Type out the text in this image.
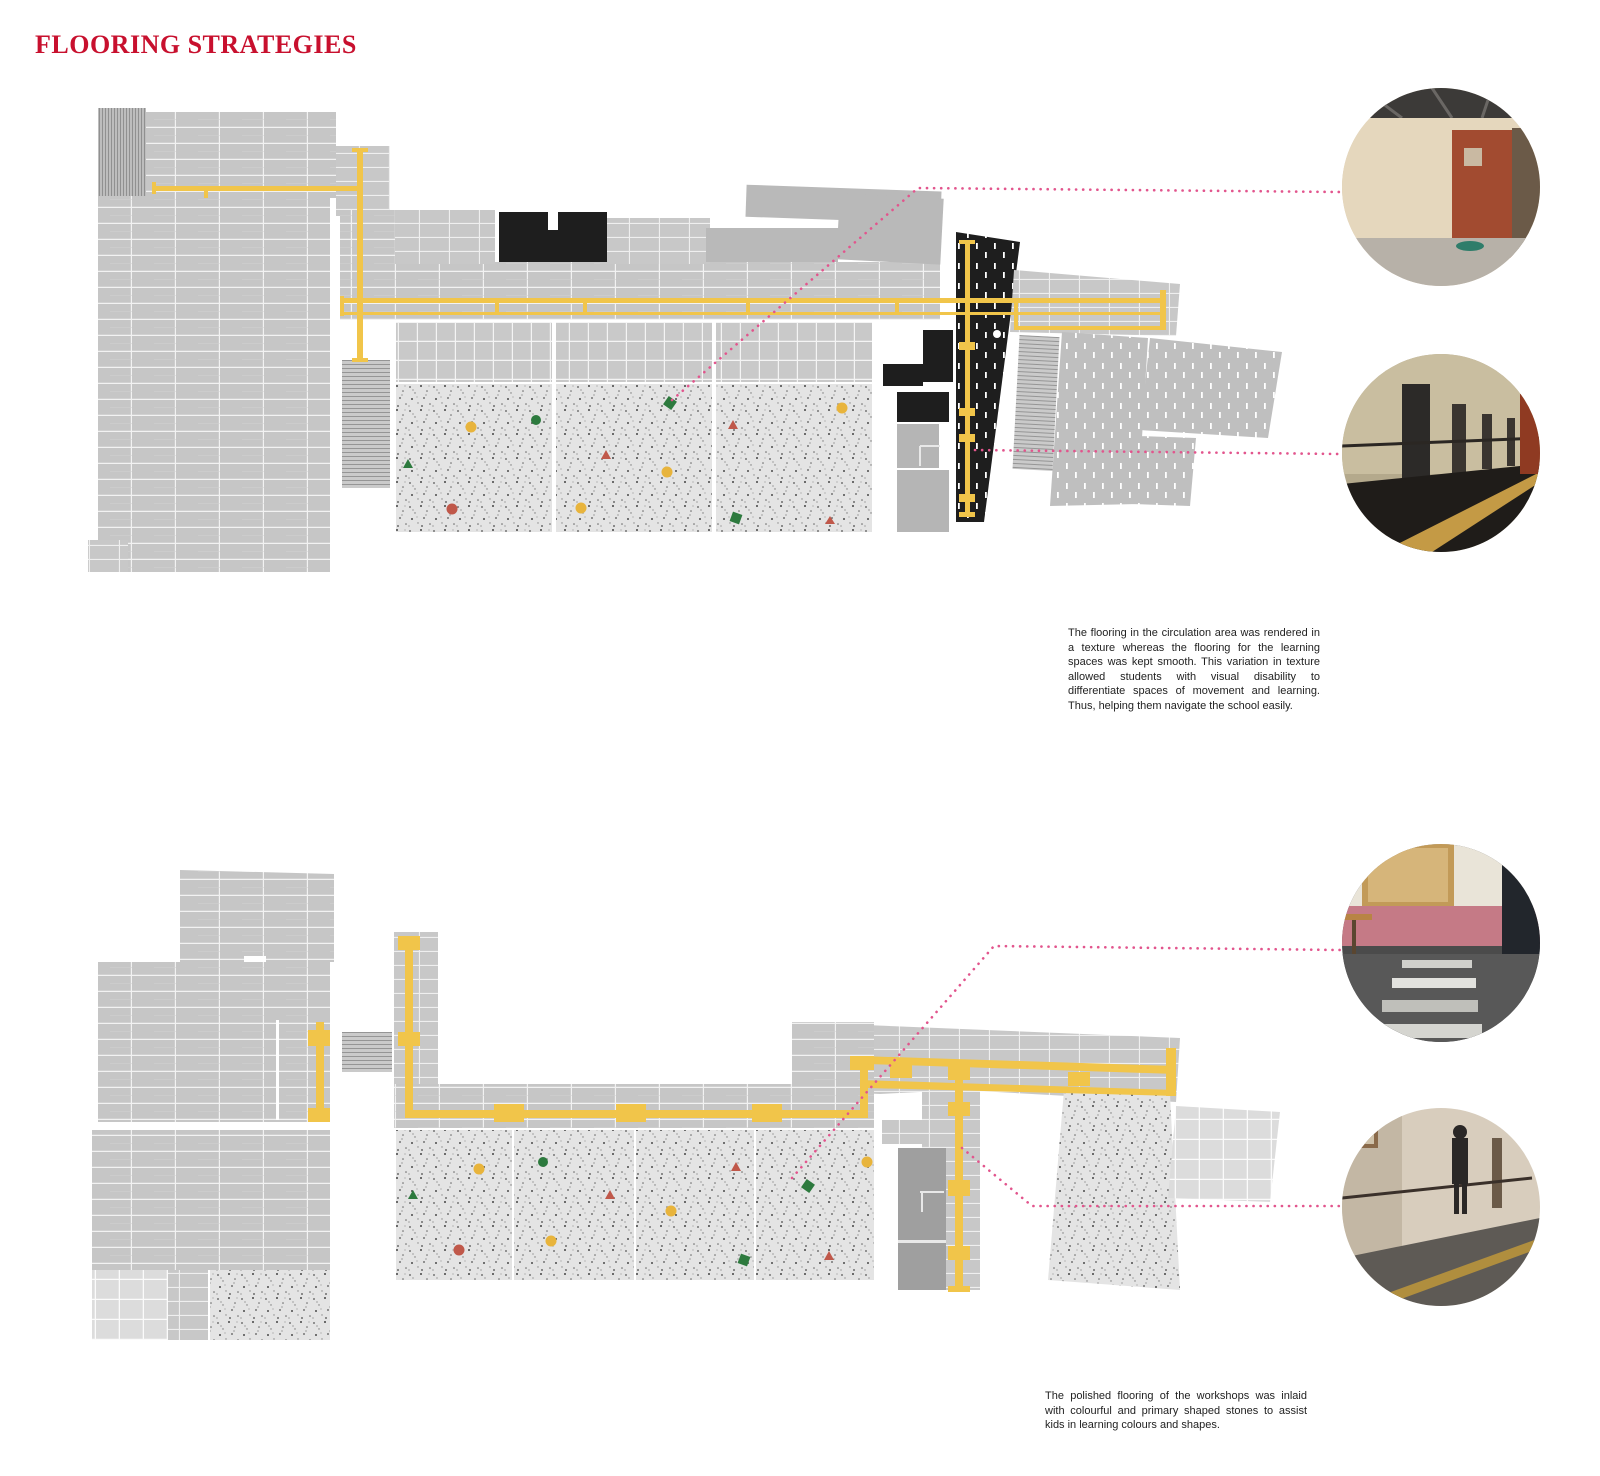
FLOORING STRATEGIES

The flooring in the circulation area was rendered in a texture whereas the flooring for the learning spaces was kept smooth. This variation in texture allowed students with visual disability to differentiate spaces of movement and learning. Thus, helping them navigate the school easily.

The polished flooring of the workshops was inlaid with colourful and primary shaped stones to assist kids in learning colours and shapes.
